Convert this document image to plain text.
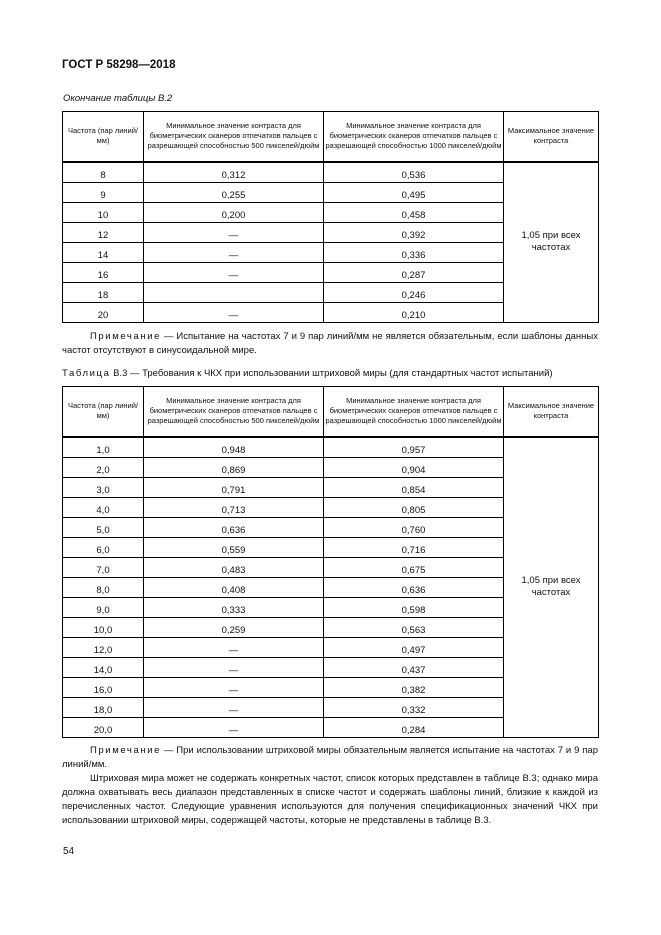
ГОСТ Р 58298—2018
Окончание таблицы В.2
Частота (пар линий/мм)	Минимальное значение контраста для биометрических сканеров отпечатков пальцев с разрешающей способностью 500 пикселей/дюйм	Минимальное значение контраста для биометрических сканеров отпечатков пальцев с разрешающей способностью 1000 пикселей/дюйм	Максимальное значение контраста
8	0,312	0,536	1,05 при всех частотах
9	0,255	0,495	
10	0,200	0,458	
12	—	0,392	
14	—	0,336	
16	—	0,287	
18		0,246	
20	—	0,210	
Примечание — Испытание на частотах 7 и 9 пар линий/мм не является обязательным, если шаблоны данных частот отсутствуют в синусоидальной мире.
Таблица В.3 — Требования к ЧКХ при использовании штриховой миры (для стандартных частот испытаний)
Частота (пар линий/мм)	Минимальное значение контраста для биометрических сканеров отпечатков пальцев с разрешающей способностью 500 пикселей/дюйм	Минимальное значение контраста для биометрических сканеров отпечатков пальцев с разрешающей способностью 1000 пикселей/дюйм	Максимальное значение контраста
1,0	0,948	0,957	1,05 при всех частотах
2,0	0,869	0,904	
3,0	0,791	0,854	
4,0	0,713	0,805	
5,0	0,636	0,760	
6,0	0,559	0,716	
7,0	0,483	0,675	
8,0	0,408	0,636	
9,0	0,333	0,598	
10,0	0,259	0,563	
12,0	—	0,497	
14,0	—	0,437	
16,0	—	0,382	
18,0	—	0,332	
20,0	—	0,284	
Примечание — При использовании штриховой миры обязательным является испытание на частотах 7 и 9 пар линий/мм.
Штриховая мира может не содержать конкретных частот, список которых представлен в таблице В.3; однако мира должна охватывать весь диапазон представленных в списке частот и содержать шаблоны линий, близкие к каждой из перечисленных частот. Следующие уравнения используются для получения спецификационных значений ЧКХ при использовании штриховой миры, содержащей частоты, которые не представлены в таблице В.3.
54
